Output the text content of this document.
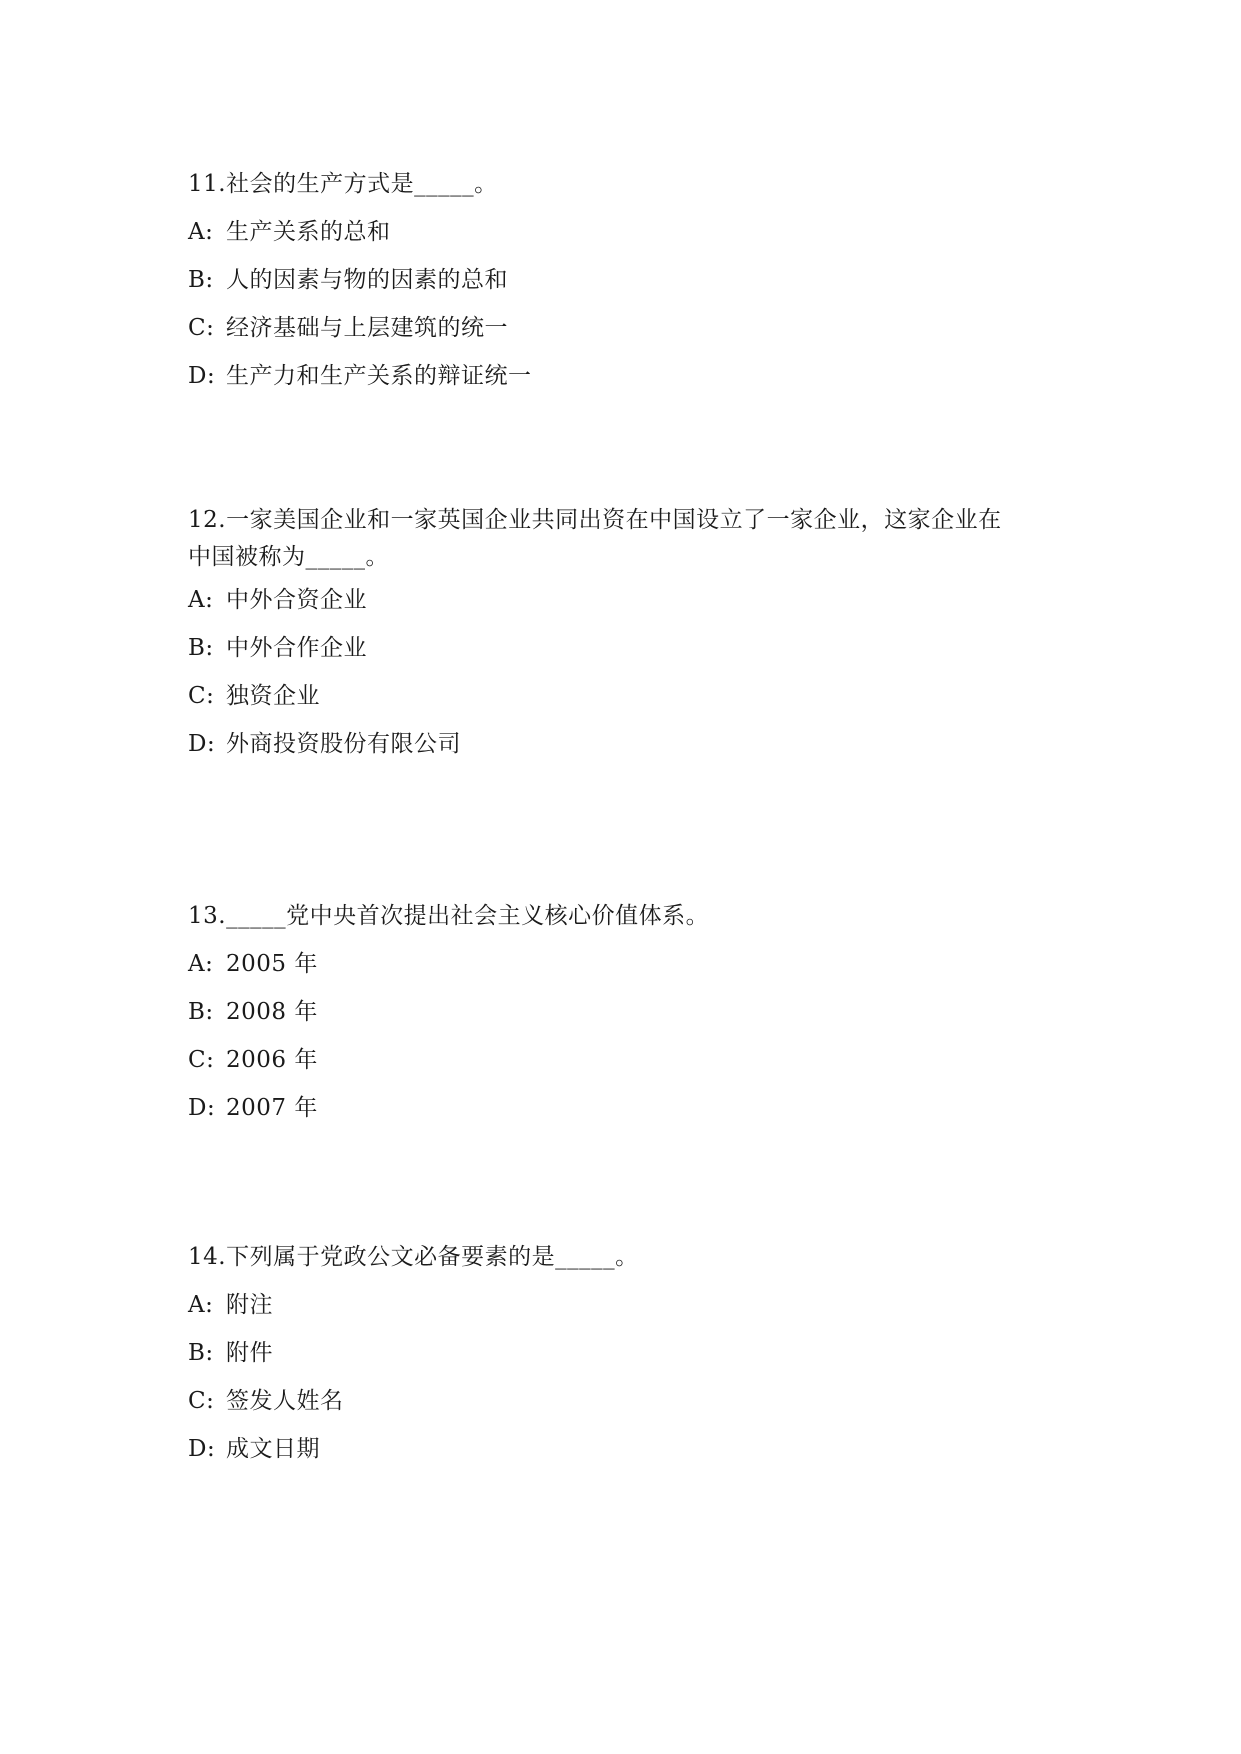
11.社会的生产方式是_____。
A: 生产关系的总和
B: 人的因素与物的因素的总和
C: 经济基础与上层建筑的统一
D: 生产力和生产关系的辩证统一
12.一家美国企业和一家英国企业共同出资在中国设立了一家企业，这家企业在
中国被称为_____。
A: 中外合资企业
B: 中外合作企业
C: 独资企业
D: 外商投资股份有限公司
13._____党中央首次提出社会主义核心价值体系。
A: 2005 年
B: 2008 年
C: 2006 年
D: 2007 年
14.下列属于党政公文必备要素的是_____。
A: 附注
B: 附件
C: 签发人姓名
D: 成文日期
